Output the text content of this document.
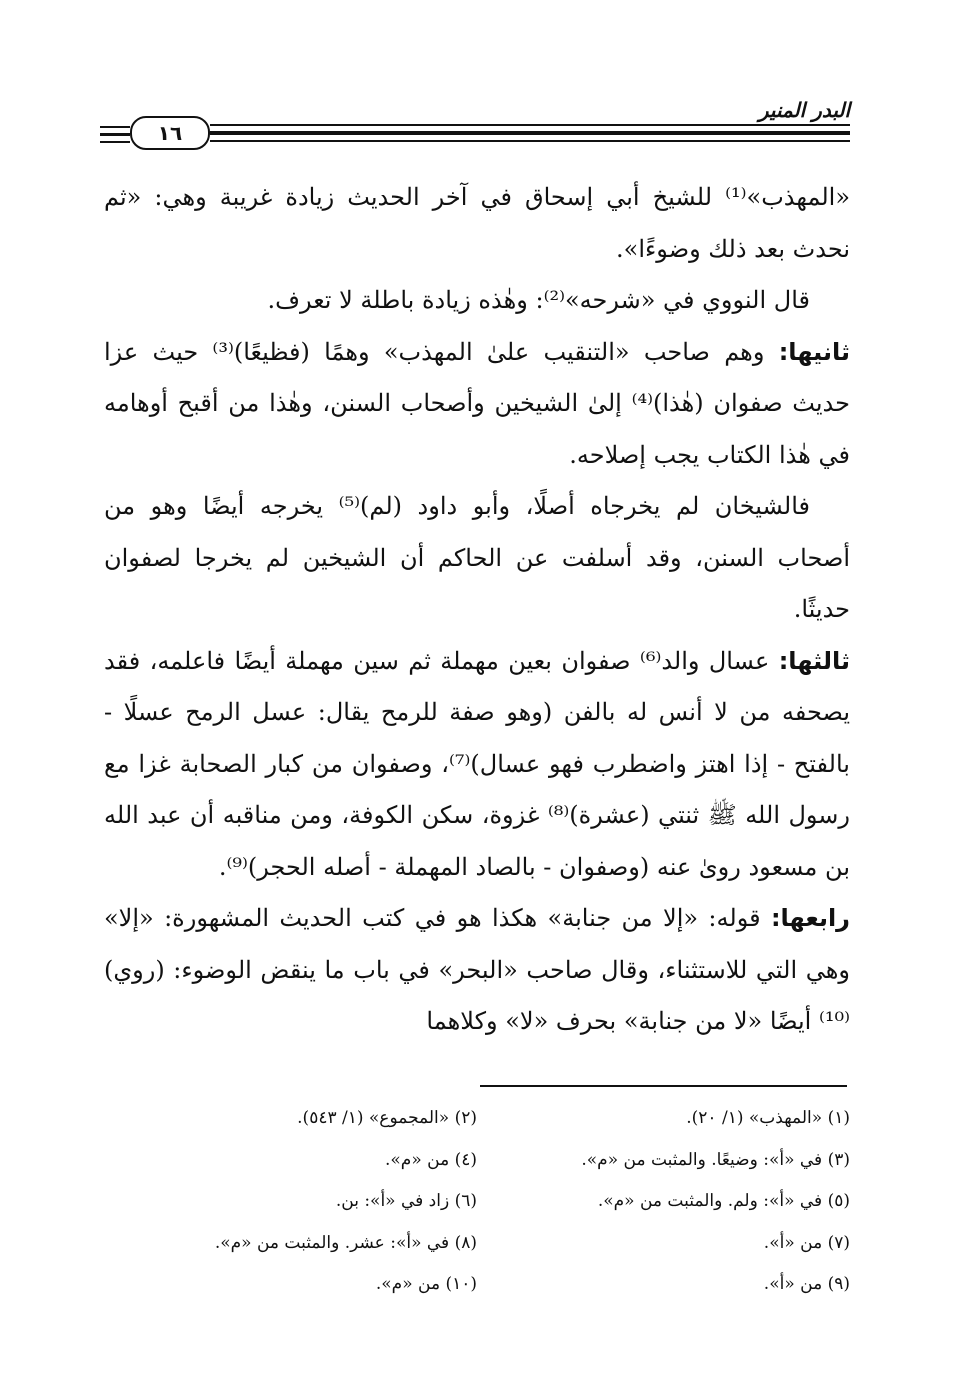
البدر المنير
١٦

«المهذب»⁽¹⁾ للشيخ أبي إسحاق في آخر الحديث زيادة غريبة وهي: «ثم نحدث بعد ذلك وضوءًا».

قال النووي في «شرحه»⁽²⁾: وهٰذه زيادة باطلة لا تعرف.

ثانيها: وهم صاحب «التنقيب علىٰ المهذب» وهمًا (فظيعًا)⁽³⁾ حيث عزا حديث صفوان (هٰذا)⁽⁴⁾ إلىٰ الشيخين وأصحاب السنن، وهٰذا من أقبح أوهامه في هٰذا الكتاب يجب إصلاحه.

فالشيخان لم يخرجاه أصلًا، وأبو داود (لم)⁽⁵⁾ يخرجه أيضًا وهو من أصحاب السنن، وقد أسلفت عن الحاكم أن الشيخين لم يخرجا لصفوان حديثًا.

ثالثها: عسال والد⁽⁶⁾ صفوان بعين مهملة ثم سين مهملة أيضًا فاعلمه، فقد يصحفه من لا أنس له بالفن (وهو صفة للرمح يقال: عسل الرمح عسلًا - بالفتح - إذا اهتز واضطرب فهو عسال)⁽⁷⁾، وصفوان من كبار الصحابة غزا مع رسول الله ﷺ ثنتي (عشرة)⁽⁸⁾ غزوة، سكن الكوفة، ومن مناقبه أن عبد الله بن مسعود روىٰ عنه (وصفوان - بالصاد المهملة - أصله الحجر)⁽⁹⁾.

رابعها: قوله: «إلا من جنابة» هكذا هو في كتب الحديث المشهورة: «إلا» وهي التي للاستثناء، وقال صاحب «البحر» في باب ما ينقض الوضوء: (روي)⁽¹⁰⁾ أيضًا «لا من جنابة» بحرف «لا» وكلاهما

(١) «المهذب» (١/ ٢٠).
(٢) «المجموع» (١/ ٥٤٣).
(٣) في «أ»: وضيعًا. والمثبت من «م».
(٤) من «م».
(٥) في «أ»: ولم. والمثبت من «م».
(٦) زاد في «أ»: بن.
(٧) من «أ».
(٨) في «أ»: عشر. والمثبت من «م».
(٩) من «أ».
(١٠) من «م».
